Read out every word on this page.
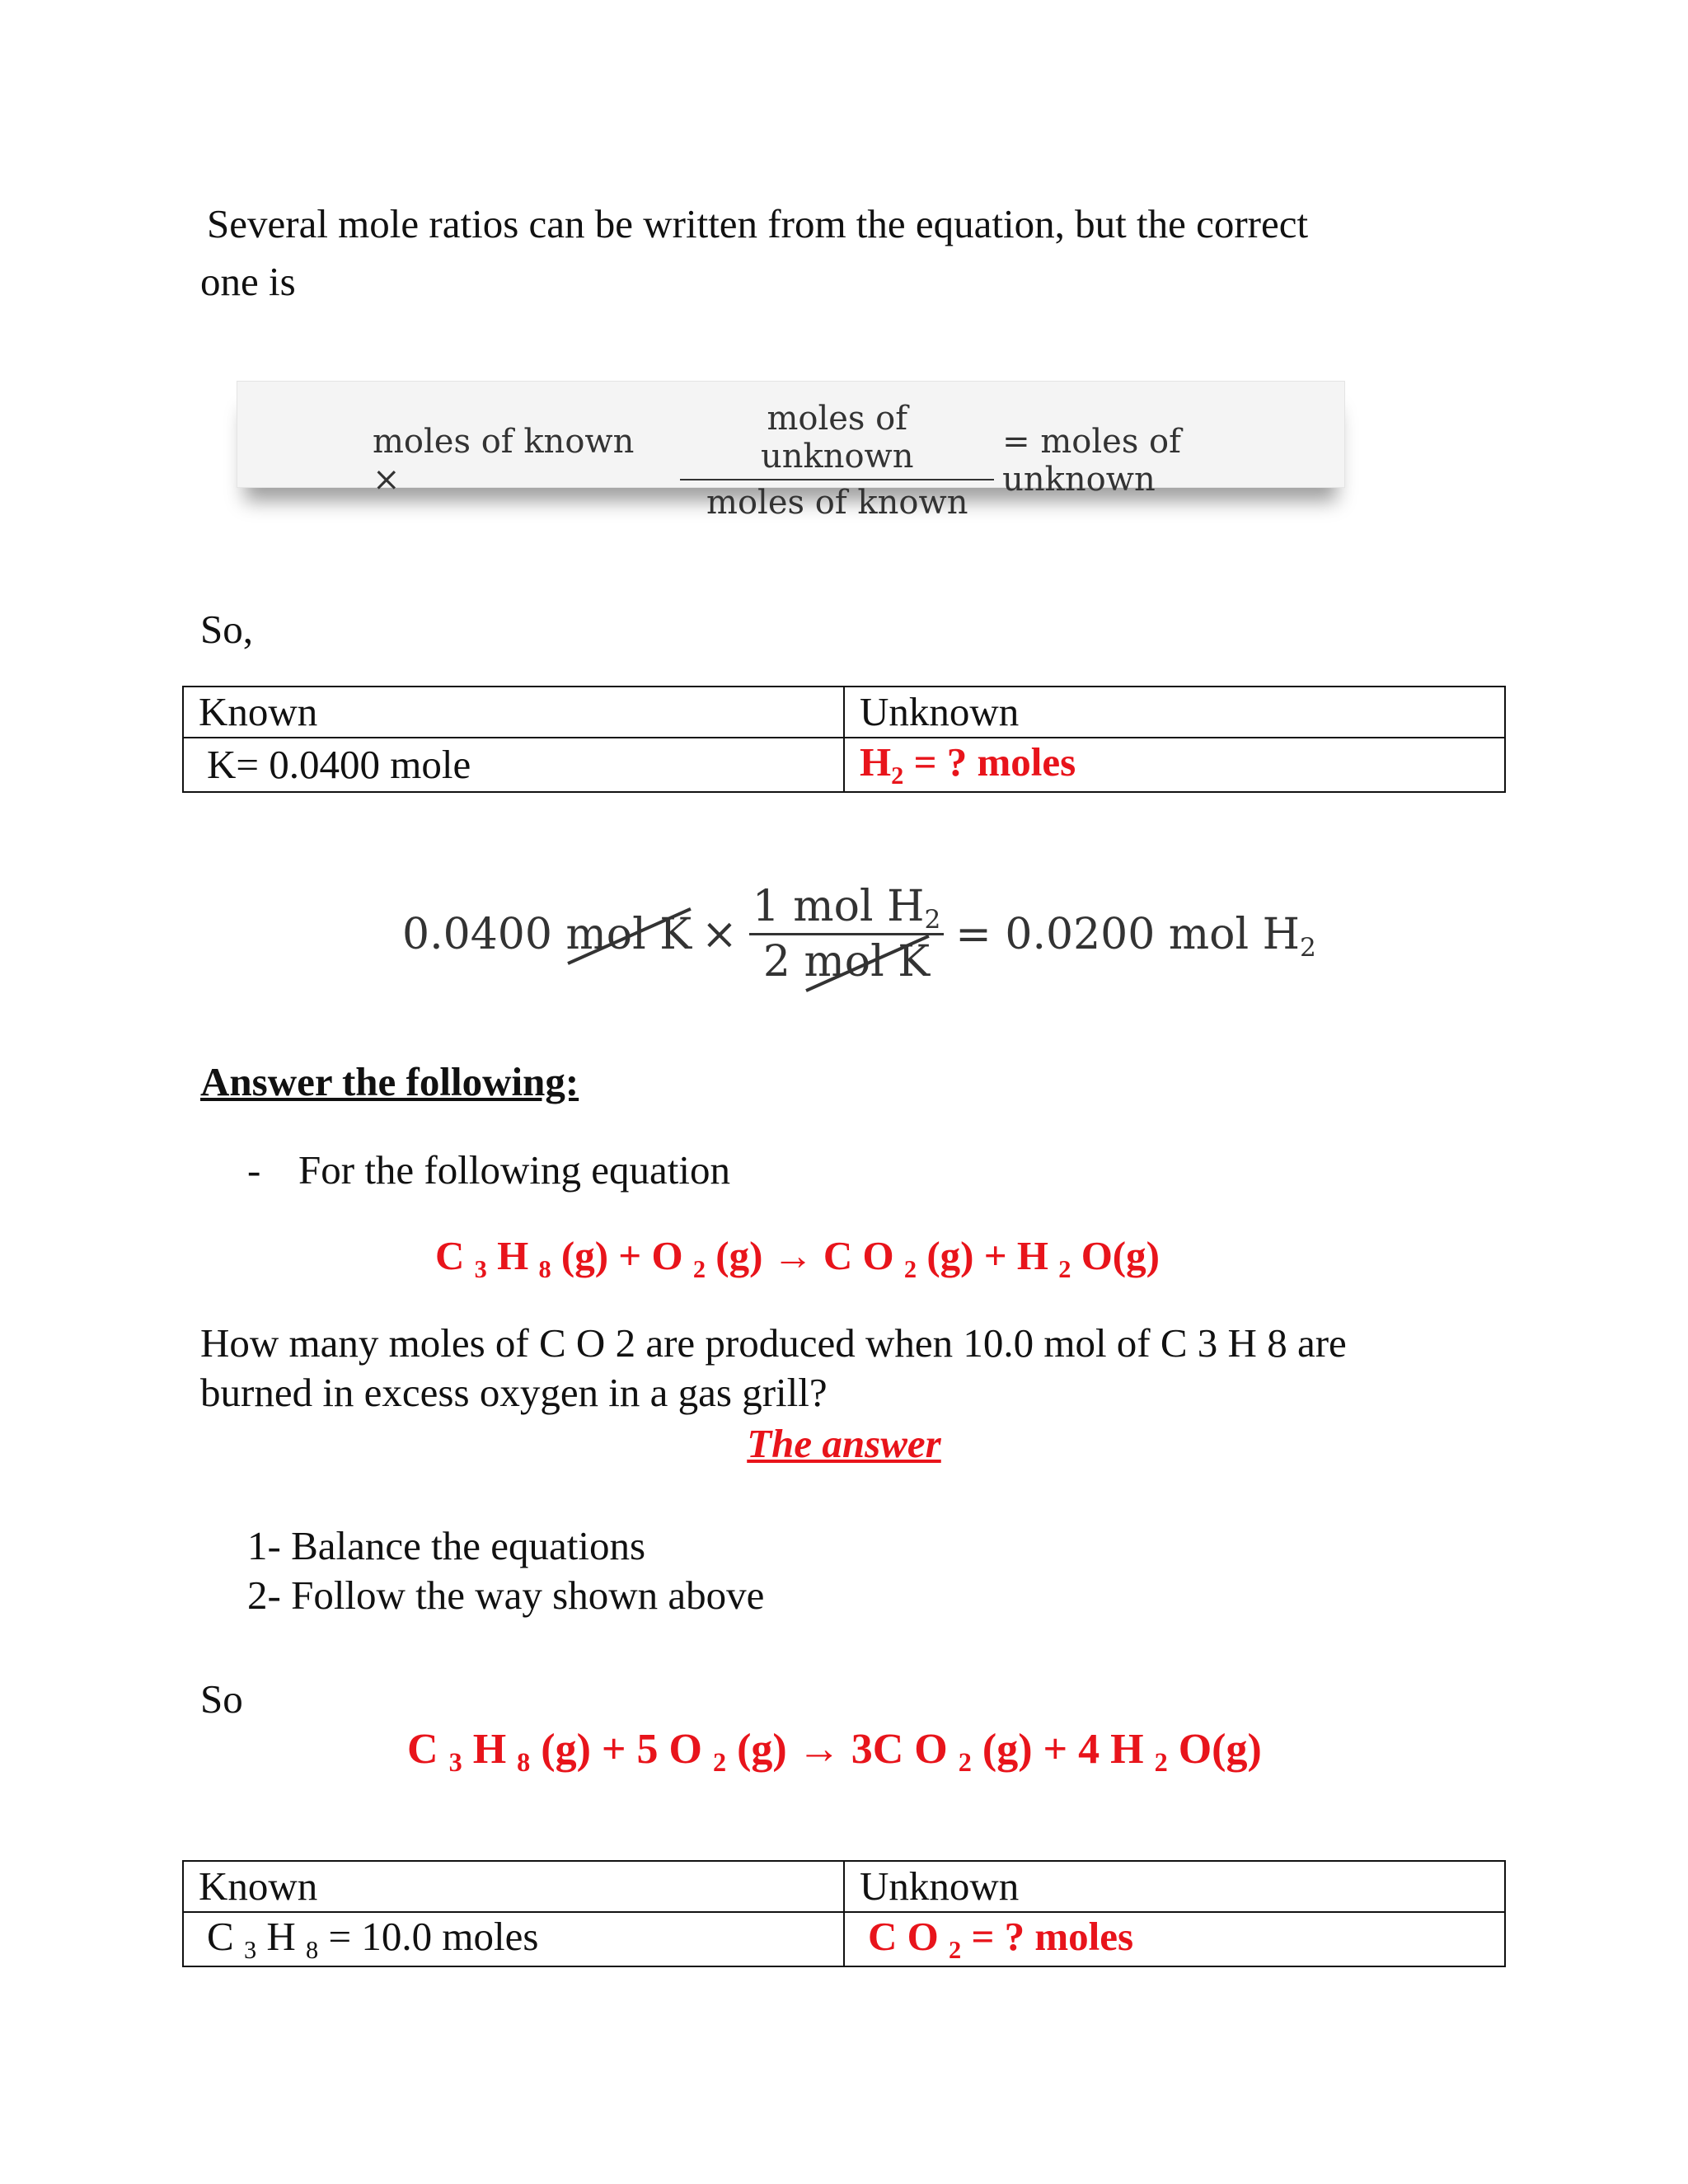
Several mole ratios can be written from the equation, but the correct
one is
moles of known ×	$\frac{\text{moles of unknown}}{\text{moles of known}}$ = moles of unknown
So,
Known	Unknown
K= 0.0400 mole	H2 = ? moles
0.0400
mol $K \times \frac{\text{1 mol H2}}{\text{2 mol K}} = 0.0200$ mol H2
Answer the following:
- For the following equation
C 3 H 8 (g) + O 2 (g) → C O 2 (g) + H 2 O(g)
How many moles of C O 2 are produced when 10.0 mol of C 3 H 8 are
burned in excess oxygen in a gas grill?
The answer
1- Balance the equations
2- Follow the way shown above
So
C 3 H 8 (g) + 5 O 2 (g) → 3C O 2 (g) + 4 H 2 O(g)
Known	Unknown
C 3 H 8 = 10.0 moles	C O 2 = ? moles
